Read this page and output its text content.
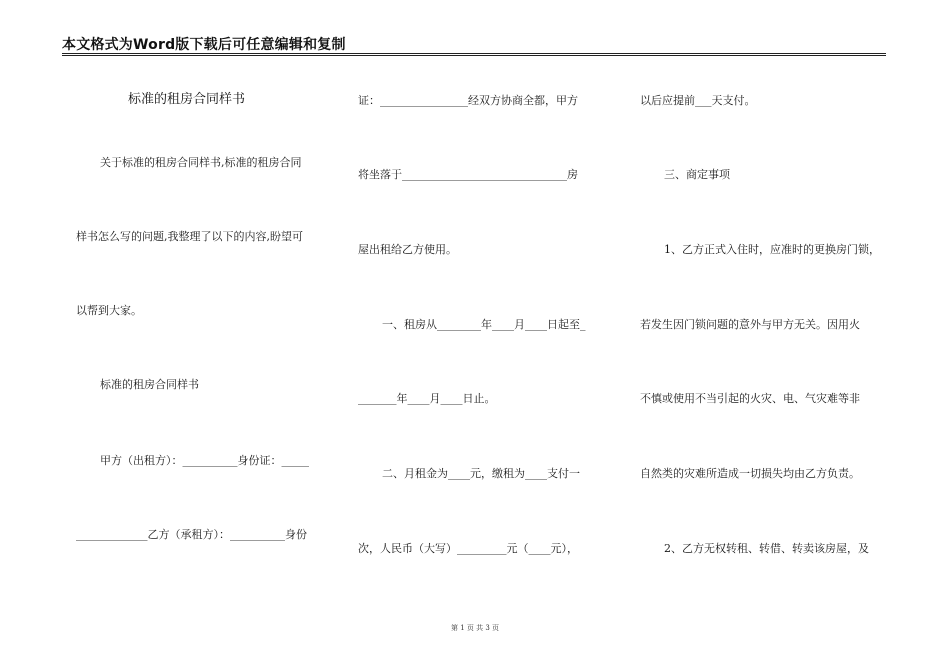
本文格式为Word版下载后可任意编辑和复制
标准的租房合同样书
关于标准的租房合同样书,标准的租房合同
样书怎么写的问题,我整理了以下的内容,盼望可
以帮到大家。
标准的租房合同样书
甲方（出租方）：__________身份证：_____
_____________乙方（承租方）：__________身份
证：________________经双方协商全都，甲方
将坐落于______________________________房
屋出租给乙方使用。
一、租房从________年____月____日起至_
_______年____月____日止。
二、月租金为____元，缴租为____支付一
次，人民币（大写）_________元（____元），
以后应提前___天支付。
三、商定事项
1、乙方正式入住时，应准时的更换房门锁，
若发生因门锁问题的意外与甲方无关。因用火
不慎或使用不当引起的火灾、电、气灾难等非
自然类的灾难所造成一切损失均由乙方负责。
2、乙方无权转租、转借、转卖该房屋，及
第 1 页 共 3 页
